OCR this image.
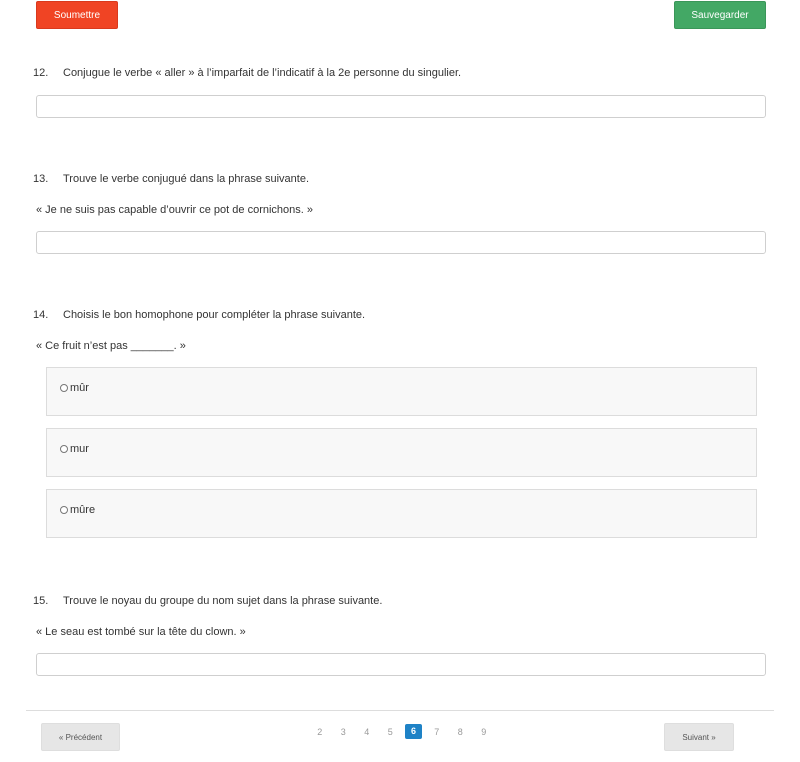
Soumettre	Sauvegarder
12. Conjugue le verbe « aller » à l’imparfait de l’indicatif à la 2e personne du singulier.
13. Trouve le verbe conjugué dans la phrase suivante.
« Je ne suis pas capable d’ouvrir ce pot de cornichons. »
14. Choisis le bon homophone pour compléter la phrase suivante.
« Ce fruit n’est pas _______. »
mûr
mur
mûre
15. Trouve le noyau du groupe du nom sujet dans la phrase suivante.
« Le seau est tombé sur la tête du clown. »
« Précédent
2	3	4	5	6	7	8	9
Suivant »
